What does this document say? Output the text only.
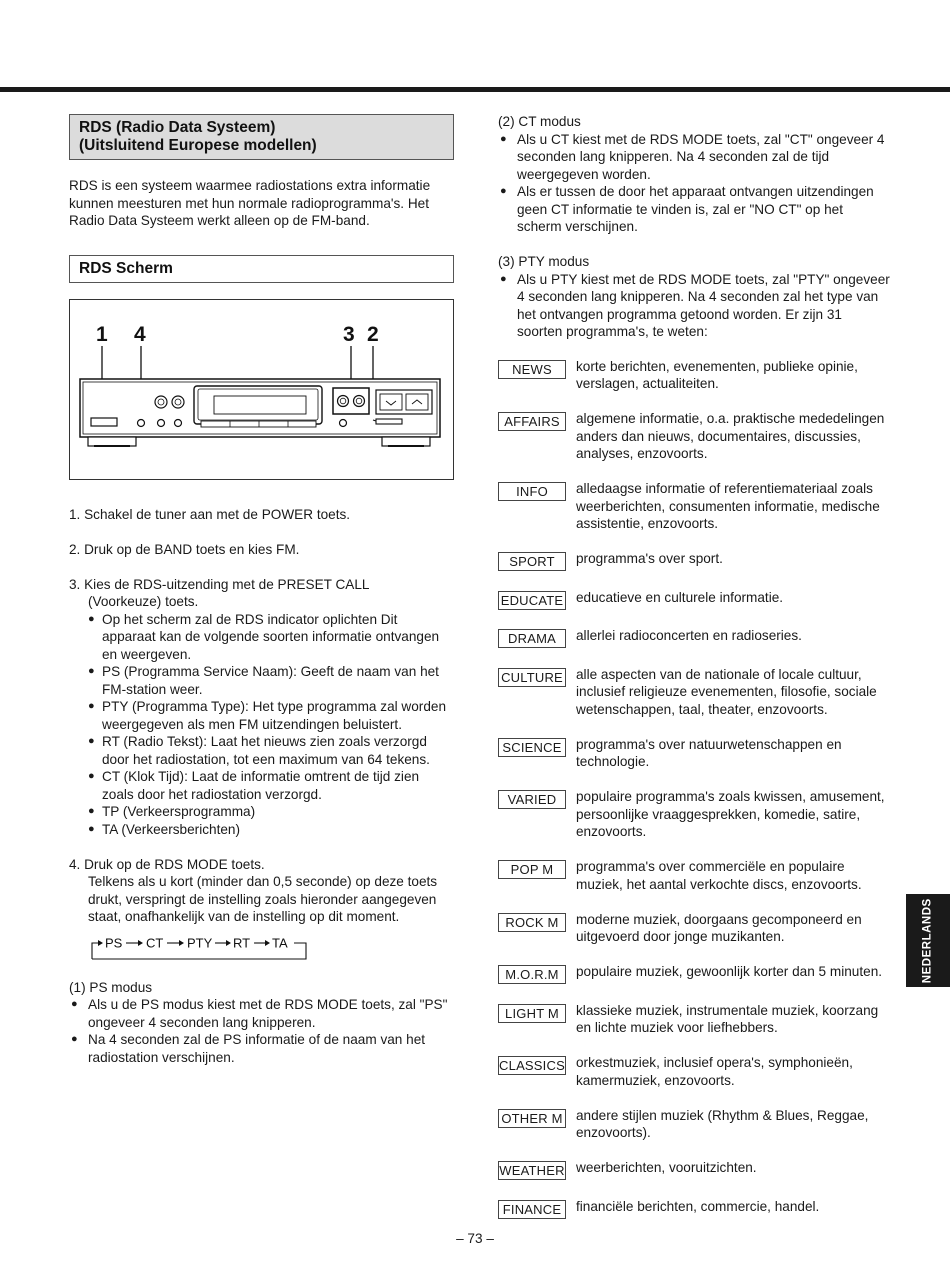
RDS (Radio Data Systeem)
(Uitsluitend Europese modellen)
RDS is een systeem waarmee radiostations extra informatie kunnen meesturen met hun normale radioprogramma's. Het Radio Data Systeem werkt alleen op de FM-band.
RDS Scherm
1 4	3 2
1. Schakel de tuner aan met de POWER toets.
2. Druk op de BAND toets en kies FM.
3. Kies de RDS-uitzending met de PRESET CALL
(Voorkeuze) toets.
● Op het scherm zal de RDS indicator oplichten Dit apparaat kan de volgende soorten informatie ontvangen en weergeven.
● PS (Programma Service Naam): Geeft de naam van het FM-station weer.
● PTY (Programma Type): Het type programma zal worden weergegeven als men FM uitzendingen beluistert.
● RT (Radio Tekst): Laat het nieuws zien zoals verzorgd door het radiostation, tot een maximum van 64 tekens.
● CT (Klok Tijd): Laat de informatie omtrent de tijd zien zoals door het radiostation verzorgd.
● TP (Verkeersprogramma)
● TA (Verkeersberichten)
4. Druk op de RDS MODE toets.
Telkens als u kort (minder dan 0,5 seconde) op deze toets drukt, verspringt de instelling zoals hieronder aangegeven staat, onafhankelijk van de instelling op dit moment.
PS CT PTY RT TA
(1) PS modus
● Als u de PS modus kiest met de RDS MODE toets, zal "PS" ongeveer 4 seconden lang knipperen.
● Na 4 seconden zal de PS informatie of de naam van het radiostation verschijnen.
(2) CT modus
● Als u CT kiest met de RDS MODE toets, zal "CT" ongeveer 4 seconden lang knipperen. Na 4 seconden zal de tijd weergegeven worden.
● Als er tussen de door het apparaat ontvangen uitzendingen geen CT informatie te vinden is, zal er "NO CT" op het scherm verschijnen.
(3) PTY modus
● Als u PTY kiest met de RDS MODE toets, zal "PTY" ongeveer 4 seconden lang knipperen. Na 4 seconden zal het type van het ontvangen programma getoond worden. Er zijn 31 soorten programma's, te weten:
NEWS	korte berichten, evenementen, publieke opinie, verslagen, actualiteiten.
AFFAIRS	algemene informatie, o.a. praktische mededelingen anders dan nieuws, documentaires, discussies, analyses, enzovoorts.
INFO	alledaagse informatie of referentiemateriaal zoals weerberichten, consumenten informatie, medische assistentie, enzovoorts.
SPORT	programma's over sport.
EDUCATE educatieve en culturele informatie.
DRAMA	allerlei radioconcerten en radioseries.
CULTURE alle aspecten van de nationale of locale cultuur, inclusief religieuze evenementen, filosofie, sociale wetenschappen, taal, theater, enzovoorts.
SCIENCE	programma's over natuurwetenschappen en technologie.
VARIED	populaire programma's zoals kwissen, amusement, persoonlijke vraaggesprekken, komedie, satire, enzovoorts.
POP M	programma's over commerciële en populaire muziek, het aantal verkochte discs, enzovoorts.
ROCK M	moderne muziek, doorgaans gecomponeerd en uitgevoerd door jonge muzikanten.
M.O.R.M	populaire muziek, gewoonlijk korter dan 5 minuten.
LIGHT M	klassieke muziek, instrumentale muziek, koorzang en lichte muziek voor liefhebbers.
CLASSICS orkestmuziek, inclusief opera's, symphonieën, kamermuziek, enzovoorts.
OTHER M andere stijlen muziek (Rhythm & Blues, Reggae, enzovoorts).
WEATHER weerberichten, vooruitzichten.
FINANCE	financiële berichten, commercie, handel.
NEDERLANDS
– 73 –
